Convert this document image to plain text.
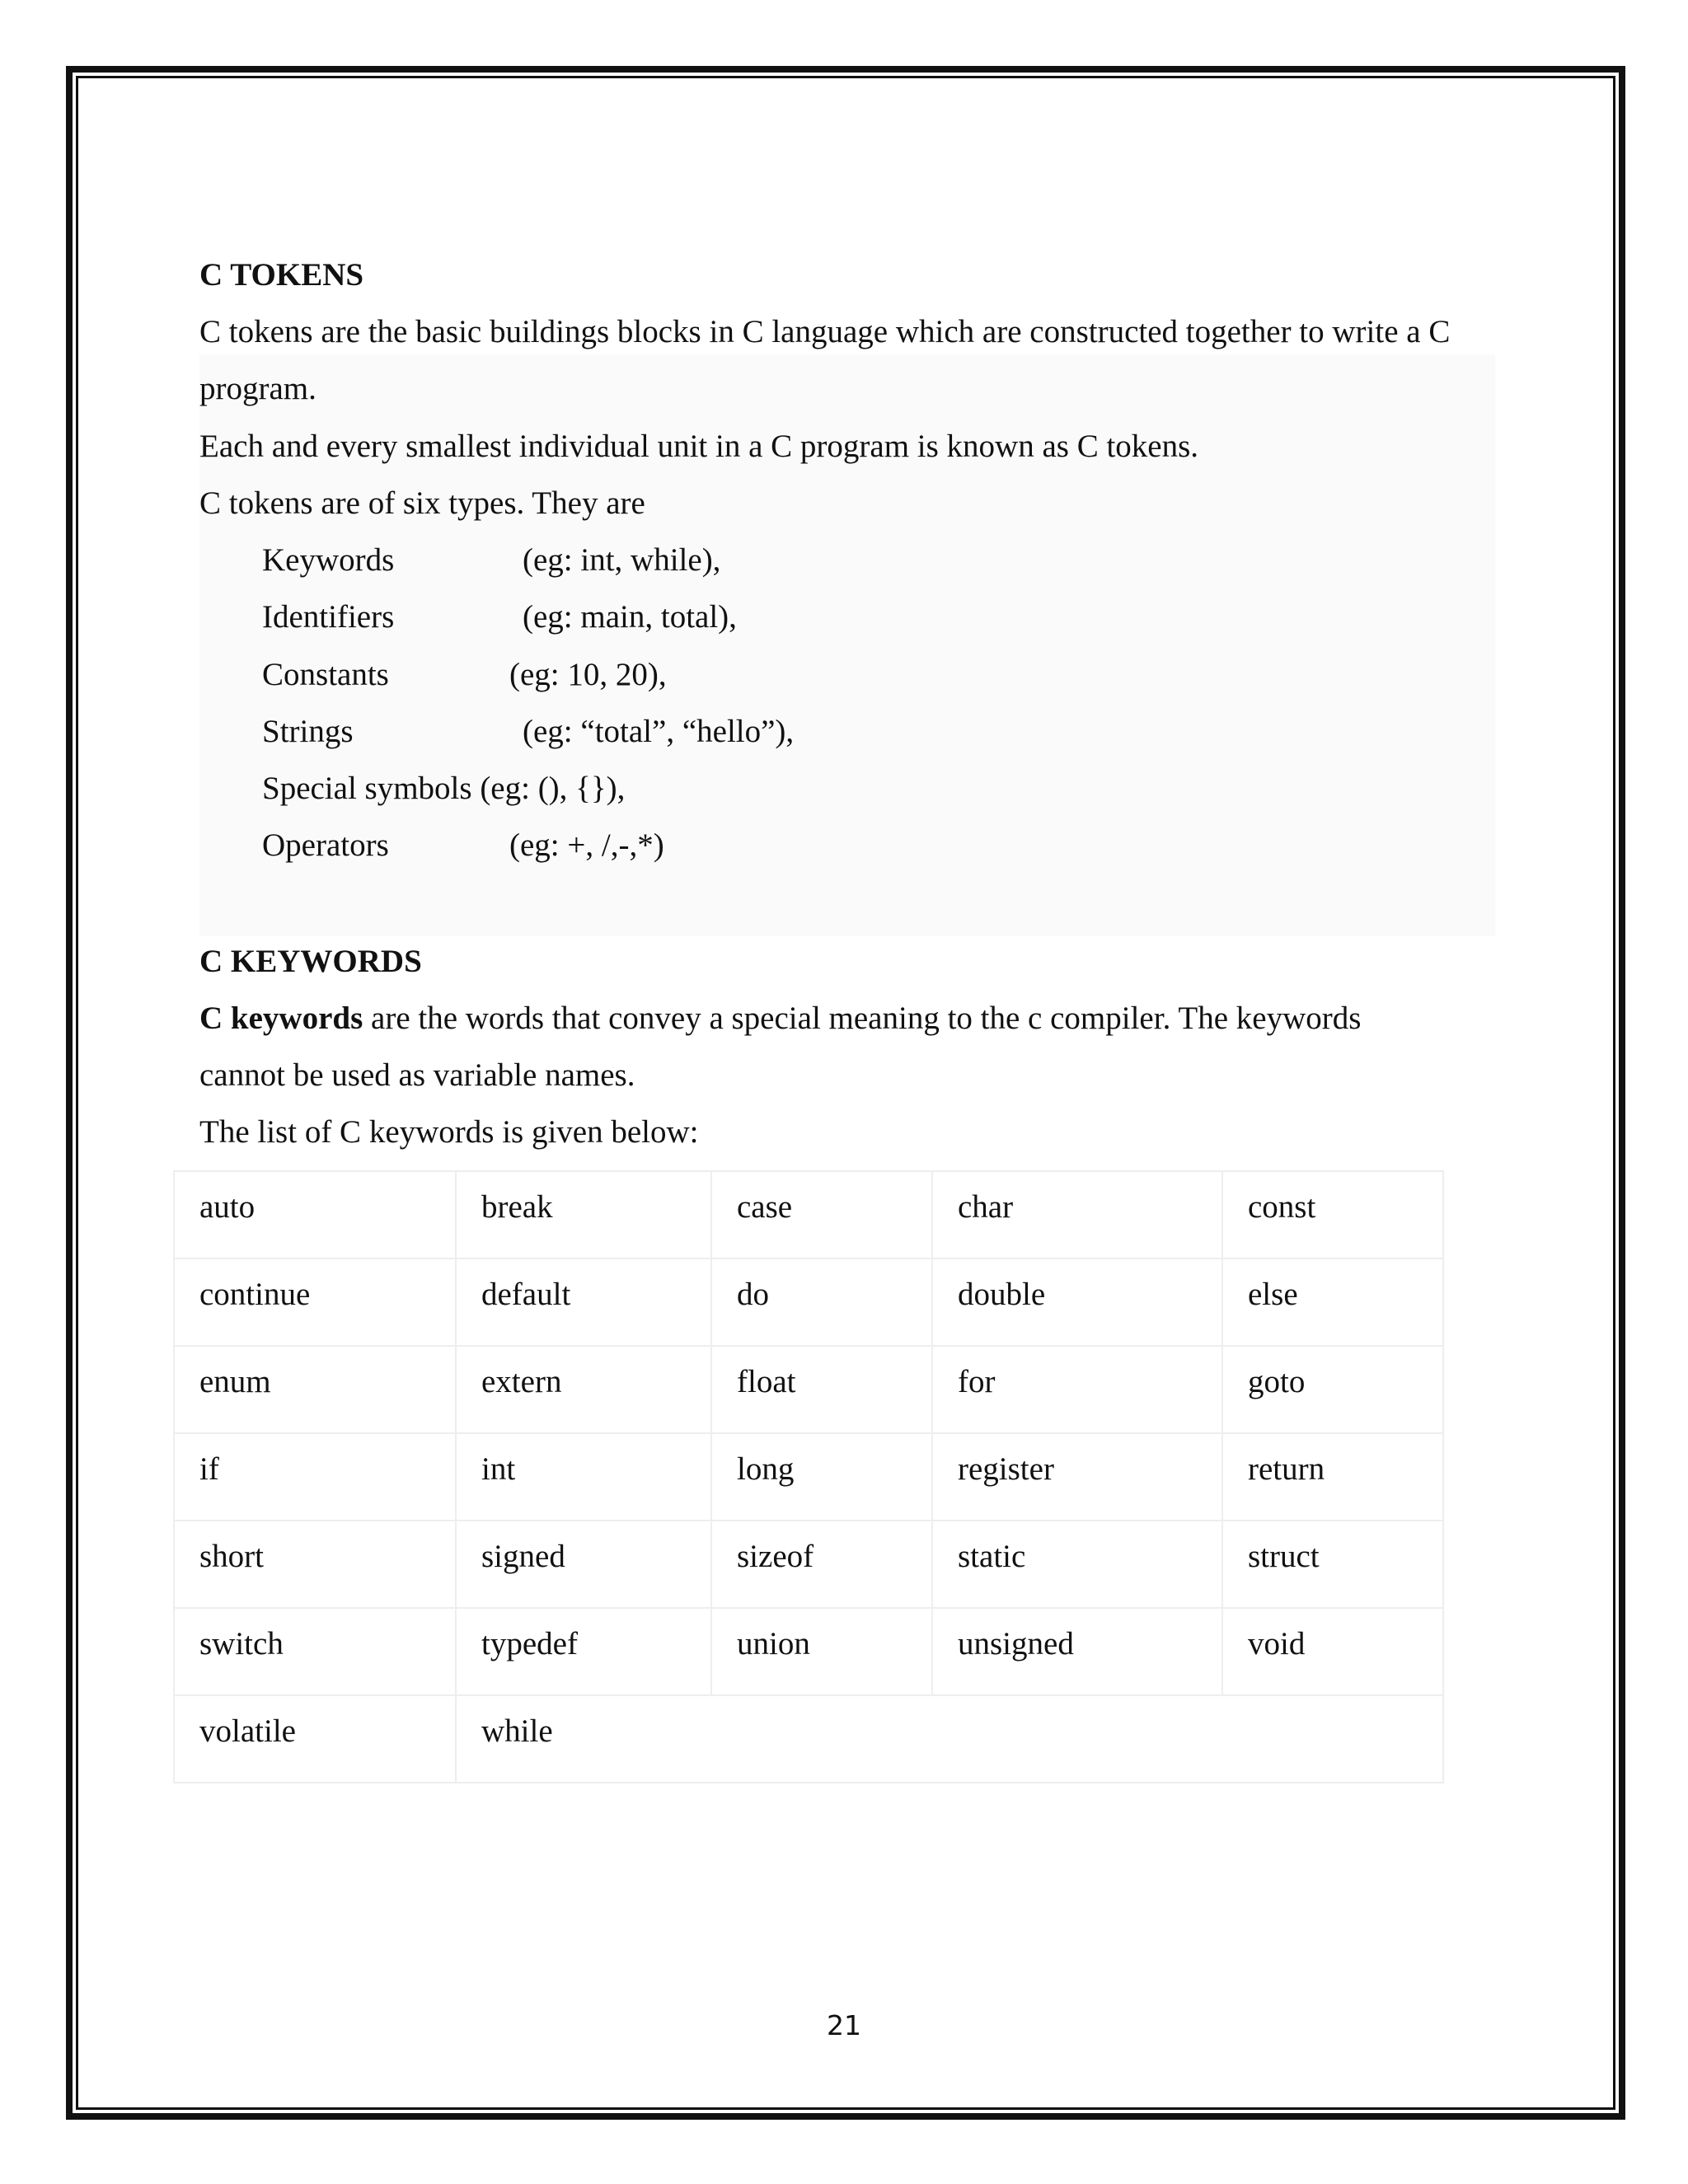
C TOKENS
C tokens are the basic buildings blocks in C language which are constructed together to write a C
program.
Each and every smallest individual unit in a C program is known as C tokens.
C tokens are of six types. They are
Keywords	(eg: int, while),
Identifiers	(eg: main, total),
Constants	(eg: 10, 20),
Strings	(eg: “total”, “hello”),
Special symbols (eg: (), {}),
Operators	(eg: +, /,-,*)
C KEYWORDS
C keywords are the words that convey a special meaning to the c compiler. The keywords
cannot be used as variable names.
The list of C keywords is given below:
auto	break	case	char	const
continue	default	do	double	else
enum	extern	float	for	goto
if	int	long	register	return
short	signed	sizeof	static	struct
switch	typedef	union	unsigned	void
volatile	while			
21
